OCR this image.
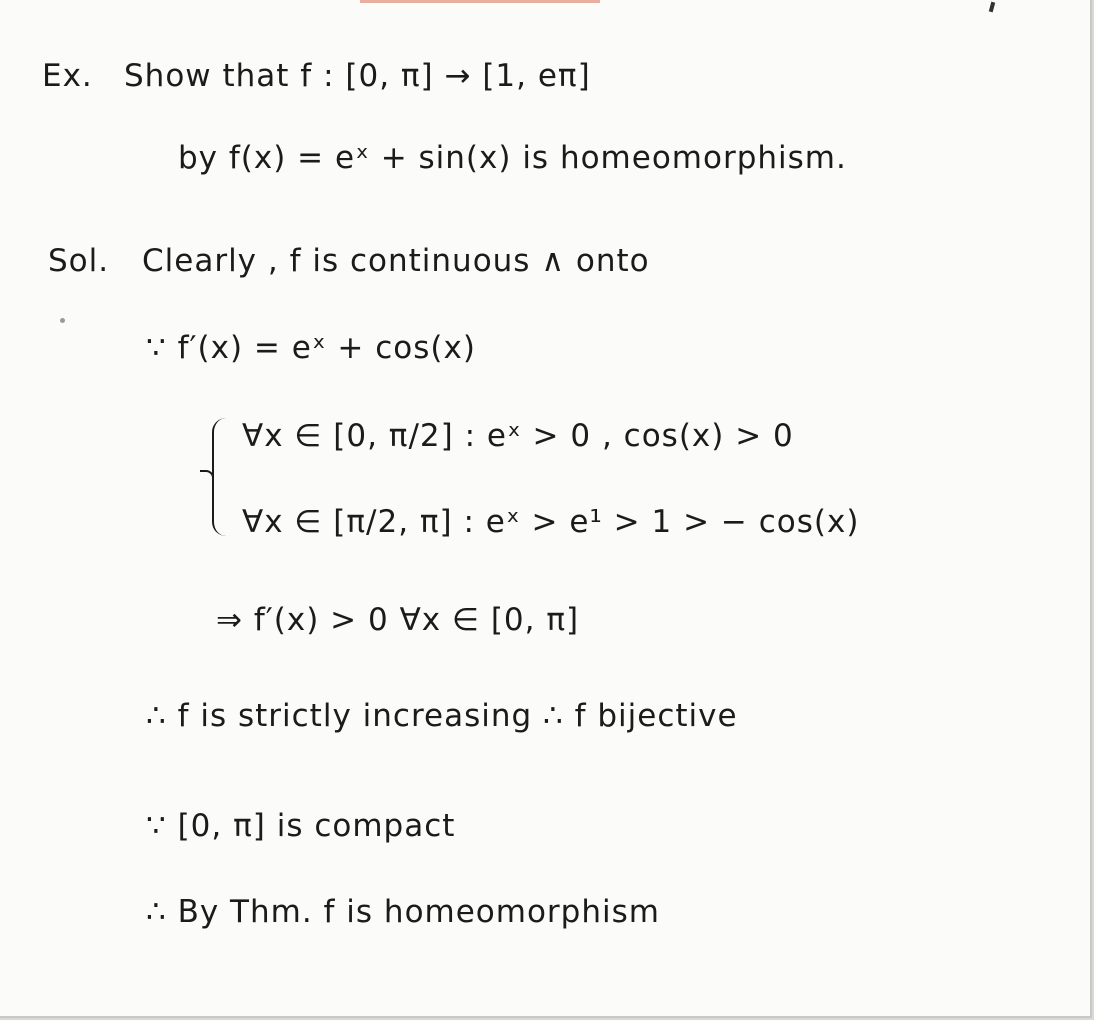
Ex. Show that f : [0, π] → [1, eπ]
by f(x) = eˣ + sin(x) is homeomorphism.
Sol. Clearly , f is continuous ∧ onto
∵ f′(x) = eˣ + cos(x)
∀x ∈ [0, π/2] : eˣ > 0 , cos(x) > 0
∀x ∈ [π/2, π] : eˣ > e¹ > 1 > − cos(x)
⇒ f′(x) > 0 ∀x ∈ [0, π]
∴ f is strictly increasing ∴ f bijective
∵ [0, π] is compact
∴ By Thm. f is homeomorphism
